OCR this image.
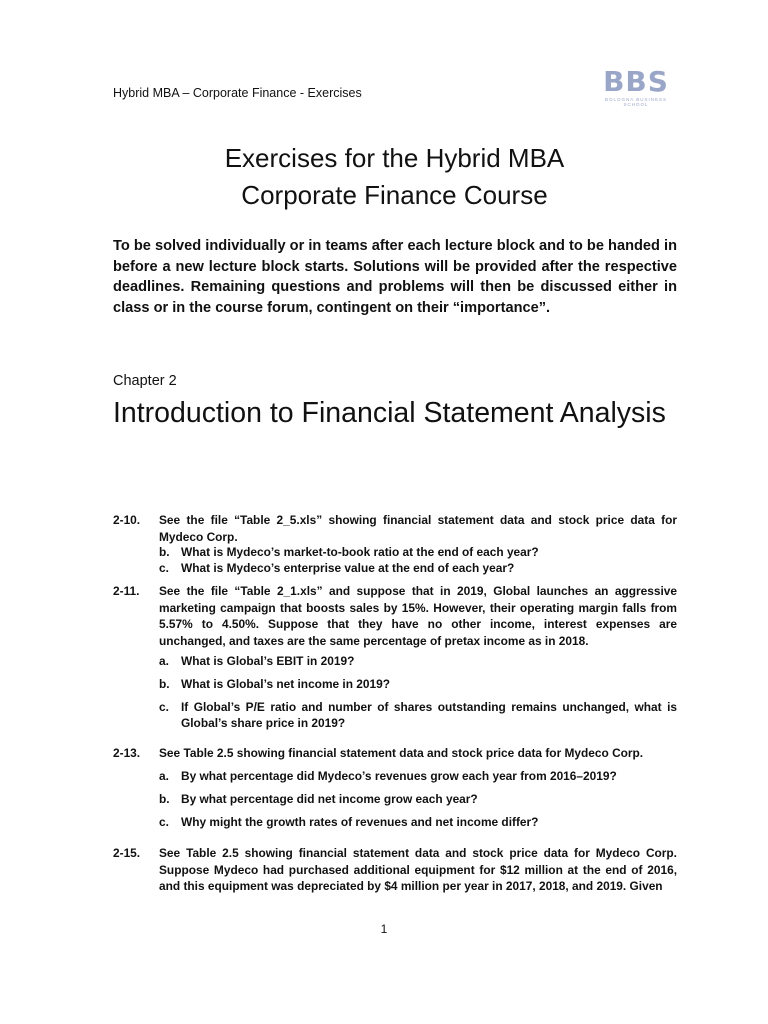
Hybrid MBA – Corporate Finance - Exercises	BBS
BOLOGNA BUSINESS SCHOOL
Exercises for the Hybrid MBA
Corporate Finance Course
To be solved individually or in teams after each lecture block and to be handed in before a new lecture block starts. Solutions will be provided after the respective deadlines. Remaining questions and problems will then be discussed either in class or in the course forum, contingent on their “importance”.
Chapter 2
Introduction to Financial Statement Analysis
2-10. See the file “Table 2_5.xls” showing financial statement data and stock price data for Mydeco Corp.
b. What is Mydeco’s market-to-book ratio at the end of each year?
c. What is Mydeco’s enterprise value at the end of each year?
2-11. See the file “Table 2_1.xls” and suppose that in 2019, Global launches an aggressive marketing campaign that boosts sales by 15%. However, their operating margin falls from 5.57% to 4.50%. Suppose that they have no other income, interest expenses are unchanged, and taxes are the same percentage of pretax income as in 2018.
a. What is Global’s EBIT in 2019?
b. What is Global’s net income in 2019?
c. If Global’s P/E ratio and number of shares outstanding remains unchanged, what is Global’s share price in 2019?
2-13. See Table 2.5 showing financial statement data and stock price data for Mydeco Corp.
a. By what percentage did Mydeco’s revenues grow each year from 2016–2019?
b. By what percentage did net income grow each year?
c. Why might the growth rates of revenues and net income differ?
2-15. See Table 2.5 showing financial statement data and stock price data for Mydeco Corp. Suppose Mydeco had purchased additional equipment for $12 million at the end of 2016, and this equipment was depreciated by $4 million per year in 2017, 2018, and 2019. Given
1
